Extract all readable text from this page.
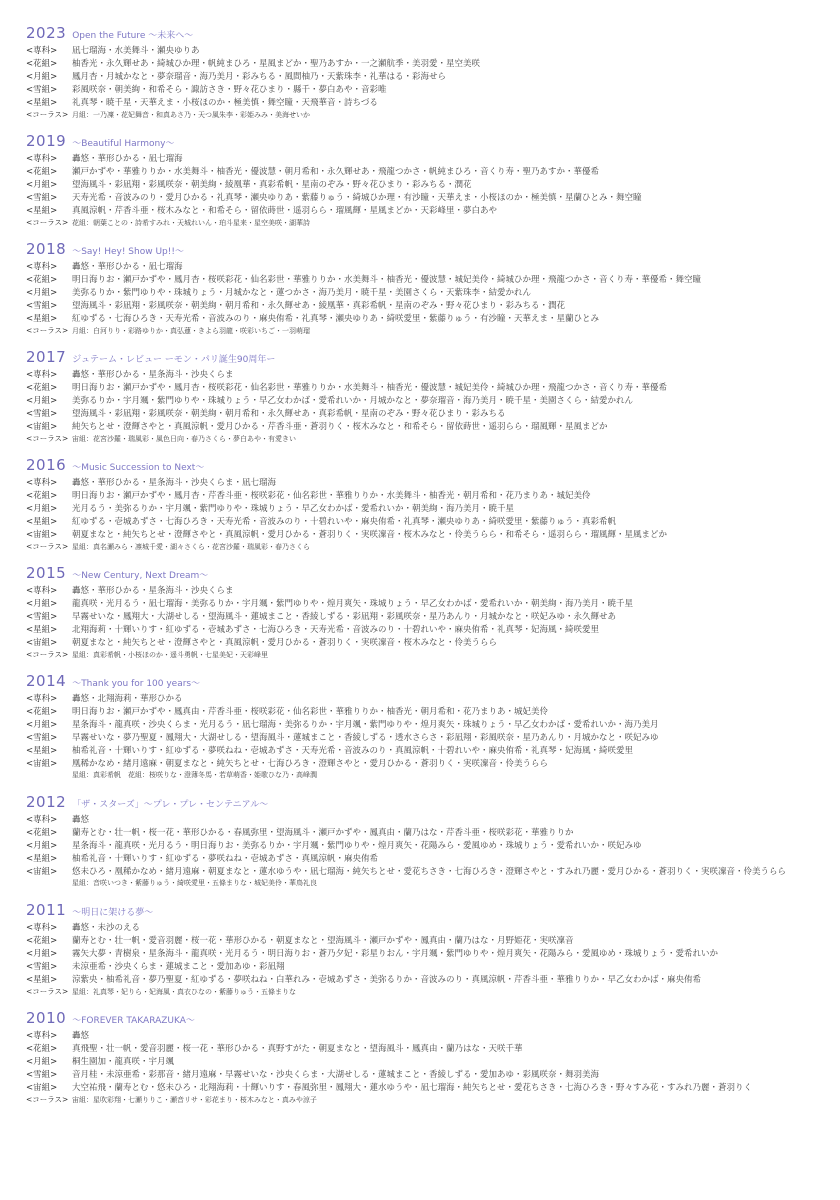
2023 Open the Future ～未来へ～
<専科>	凪七瑠海・水美舞斗・瀬央ゆりあ
<花組>	柚香光・永久輝せあ・綺城ひか理・帆純まひろ・星風まどか・聖乃あすか・一之瀬航季・美羽愛・星空美咲
<月組>	鳳月杏・月城かなと・夢奈瑠音・海乃美月・彩みちる・風間柚乃・天紫珠李・礼華はる・彩海せら
<雪組>	彩風咲奈・朝美絢・和希そら・諏訪さき・野々花ひまり・縣千・夢白あや・音彩唯
<星組>	礼真琴・暁千星・天華えま・小桜ほのか・極美慎・舞空瞳・天飛華音・詩ちづる
<コーラス> 月組：一乃凜・花妃舞音・和真あさ乃・天つ風朱李・彩姫みみ・美海せいか
2019 ～Beautiful Harmony～
<専科>	轟悠・華形ひかる・凪七瑠海
<花組>	瀬戸かずや・華雅りりか・水美舞斗・柚香光・優波慧・朝月希和・永久輝せあ・飛龍つかさ・帆純まひろ・音くり寿・聖乃あすか・華優希
<月組>	望海風斗・彩凪翔・彩風咲奈・朝美絢・綾凰華・真彩希帆・星南のぞみ・野々花ひまり・彩みちる・潤花
<雪組>	天寿光希・音波みのり・愛月ひかる・礼真琴・瀬央ゆりあ・紫藤りゅう・綺城ひか理・有沙瞳・天華えま・小桜ほのか・極美慎・星蘭ひとみ・舞空瞳
<星組>	真風涼帆・芹香斗亜・桜木みなと・和希そら・留依蒔世・遥羽らら・瑠風輝・星風まどか・天彩峰里・夢白あや
<コーラス> 花組：朝葉ことの・詩希すみれ・天城れいん・珀斗星来・星空美咲・湖華詩
2018 ～Say! Hey! Show Up!!～
<専科>	轟悠・華形ひかる・凪七瑠海
<花組>	明日海りお・瀬戸かずや・鳳月杏・桜咲彩花・仙名彩世・華雅りりか・水美舞斗・柚香光・優波慧・城妃美伶・綺城ひか理・飛龍つかさ・音くり寿・華優希・舞空瞳
<月組>	美弥るりか・紫門ゆりや・珠城りょう・月城かなと・蓮つかさ・海乃美月・暁千星・美園さくら・天紫珠李・結愛かれん
<雪組>	望海風斗・彩凪翔・彩風咲奈・朝美絢・朝月希和・永久輝せあ・綾凰華・真彩希帆・星南のぞみ・野々花ひまり・彩みちる・潤花
<星組>	紅ゆずる・七海ひろき・天寿光希・音波みのり・麻央侑希・礼真琴・瀬央ゆりあ・綺咲愛里・紫藤りゅう・有沙瞳・天華えま・星蘭ひとみ
<コーラス> 月組：白河りり・彩路ゆりか・真弘蓮・きよら羽龍・咲彩いちご・一羽萌瑠
2017 ジュテーム・レビュー ーモン・パリ誕生90周年ー
<専科>	轟悠・華形ひかる・星条海斗・沙央くらま
<花組>	明日海りお・瀬戸かずや・鳳月杏・桜咲彩花・仙名彩世・華雅りりか・水美舞斗・柚香光・優波慧・城妃美伶・綺城ひか理・飛龍つかさ・音くり寿・華優希
<月組>	美弥るりか・宇月颯・紫門ゆりや・珠城りょう・早乙女わかば・愛希れいか・月城かなと・夢奈瑠音・海乃美月・暁千星・美園さくら・結愛かれん
<雪組>	望海風斗・彩凪翔・彩風咲奈・朝美絢・朝月希和・永久輝せあ・真彩希帆・星南のぞみ・野々花ひまり・彩みちる
<宙組>	純矢ちとせ・澄輝さやと・真風涼帆・愛月ひかる・芹香斗亜・蒼羽りく・桜木みなと・和希そら・留依蒔世・遥羽らら・瑠風輝・星風まどか
<コーラス> 宙組：花宮沙羅・瑞風彩・風色日向・春乃さくら・夢白あや・有愛きい
2016 ～Music Succession to Next～
<専科>	轟悠・華形ひかる・星条海斗・沙央くらま・凪七瑠海
<花組>	明日海りお・瀬戸かずや・鳳月杏・芹香斗亜・桜咲彩花・仙名彩世・華雅りりか・水美舞斗・柚香光・朝月希和・花乃まりあ・城妃美伶
<月組>	光月るう・美弥るりか・宇月颯・紫門ゆりや・珠城りょう・早乙女わかば・愛希れいか・朝美絢・海乃美月・暁千星
<星組>	紅ゆずる・壱城あずさ・七海ひろき・天寿光希・音波みのり・十碧れいや・麻央侑希・礼真琴・瀬央ゆりあ・綺咲愛里・紫藤りゅう・真彩希帆
<宙組>	朝夏まなと・純矢ちとせ・澄輝さやと・真風涼帆・愛月ひかる・蒼羽りく・実咲凜音・桜木みなと・伶美うらら・和希そら・遥羽らら・瑠風輝・星風まどか
<コーラス> 星組：真名瀬みら・凛城千愛・湖々さくら・花宮沙羅・瑞風彩・春乃さくら
2015 ～New Century, Next Dream～
<専科>	轟悠・華形ひかる・星条海斗・沙央くらま
<月組>	龍真咲・光月るう・凪七瑠海・美弥るりか・宇月颯・紫門ゆりや・煌月爽矢・珠城りょう・早乙女わかば・愛希れいか・朝美絢・海乃美月・暁千星
<雪組>	早霧せいな・鳳翔大・大湖せしる・望海風斗・蓮城まこと・香綾しずる・彩凪翔・彩風咲奈・星乃あんり・月城かなと・咲妃みゆ・永久輝せあ
<星組>	北翔海莉・十輝いりす・紅ゆずる・壱城あずさ・七海ひろき・天寿光希・音波みのり・十碧れいや・麻央侑希・礼真琴・妃海風・綺咲愛里
<宙組>	朝夏まなと・純矢ちとせ・澄輝さやと・真風涼帆・愛月ひかる・蒼羽りく・実咲凜音・桜木みなと・伶美うらら
<コーラス> 星組：真彩希帆・小桜ほのか・遥斗勇帆・七星美妃・天彩峰里
2014 ～Thank you for 100 years～
<専科>	轟悠・北翔海莉・華形ひかる
<花組>	明日海りお・瀬戸かずや・鳳真由・芹香斗亜・桜咲彩花・仙名彩世・華雅りりか・柚香光・朝月希和・花乃まりあ・城妃美伶
<月組>	星条海斗・龍真咲・沙央くらま・光月るう・凪七瑠海・美弥るりか・宇月颯・紫門ゆりや・煌月爽矢・珠城りょう・早乙女わかば・愛希れいか・海乃美月
<雪組>	早霧せいな・夢乃聖夏・鳳翔大・大湖せしる・望海風斗・蓮城まこと・香綾しずる・透水さらさ・彩凪翔・彩風咲奈・星乃あんり・月城かなと・咲妃みゆ
<星組>	柚希礼音・十輝いりす・紅ゆずる・夢咲ねね・壱城あずさ・天寿光希・音波みのり・真風涼帆・十碧れいや・麻央侑希・礼真琴・妃海風・綺咲愛里
<宙組>	凰稀かなめ・緒月遠麻・朝夏まなと・純矢ちとせ・七海ひろき・澄輝さやと・愛月ひかる・蒼羽りく・実咲凜音・伶美うらら
星組：真彩希帆　花組：桜咲りな・澄薄冬馬・若草萌香・姫歌ひな乃・高峰潤
2012 「ザ・スターズ」～プレ・プレ・センテニアル～
<専科>	轟悠
<花組>	蘭寿とむ・壮一帆・桜一花・華形ひかる・春風弥里・望海風斗・瀬戸かずや・鳳真由・蘭乃はな・芹香斗亜・桜咲彩花・華雅りりか
<月組>	星条海斗・龍真咲・光月るう・明日海りお・美弥るりか・宇月颯・紫門ゆりや・煌月爽矢・花陽みら・愛風ゆめ・珠城りょう・愛希れいか・咲妃みゆ
<星組>	柚希礼音・十輝いりす・紅ゆずる・夢咲ねね・壱城あずさ・真風涼帆・麻央侑希
<宙組>	悠未ひろ・凰稀かなめ・緒月遠麻・朝夏まなと・蓮水ゆうや・凪七瑠海・純矢ちとせ・愛花ちさき・七海ひろき・澄輝さやと・すみれ乃麗・愛月ひかる・蒼羽りく・実咲凜音・伶美うらら
星組：音咲いつき・紫藤りゅう・綺咲愛里・五條まりな・城妃美伶・華鳥礼良
2011 ～明日に架ける夢～
<専科>	轟悠・未沙のえる
<花組>	蘭寿とむ・壮一帆・愛音羽麗・桜一花・華形ひかる・朝夏まなと・望海風斗・瀬戸かずや・鳳真由・蘭乃はな・月野姫花・実咲凜音
<月組>	霧矢大夢・青樹泉・星条海斗・龍真咲・光月るう・明日海りお・蒼乃夕妃・彩星りおん・宇月颯・紫門ゆりや・煌月爽矢・花陽みら・愛風ゆめ・珠城りょう・愛希れいか
<雪組>	未涼亜希・沙央くらま・蓮城まこと・愛加あゆ・彩凪翔
<星組>	涼紫央・柚希礼音・夢乃聖夏・紅ゆずる・夢咲ねね・白華れみ・壱城あずさ・美弥るりか・音波みのり・真風涼帆・芹香斗亜・華雅りりか・早乙女わかば・麻央侑希
<コーラス> 星組：礼真琴・妃りら・妃海風・真衣ひなの・紫藤りゅう・五條まりな
2010 ～FOREVER TAKARAZUKA～
<専科>	轟悠
<花組>	真飛聖・壮一帆・愛音羽麗・桜一花・華形ひかる・真野すがた・朝夏まなと・望海風斗・鳳真由・蘭乃はな・天咲千華
<月組>	桐生園加・龍真咲・宇月颯
<雪組>	音月桂・未涼亜希・彩那音・緒月遠麻・早霧せいな・沙央くらま・大湖せしる・蓮城まこと・香綾しずる・愛加あゆ・彩風咲奈・舞羽美海
<宙組>	大空祐飛・蘭寿とむ・悠未ひろ・北翔海莉・十輝いりす・春風弥里・鳳翔大・蓮水ゆうや・凪七瑠海・純矢ちとせ・愛花ちさき・七海ひろき・野々すみ花・すみれ乃麗・蒼羽りく
<コーラス> 宙組：星吹彩翔・七瀬りりこ・瀬音リサ・彩花まり・桜木みなと・真みや涼子
